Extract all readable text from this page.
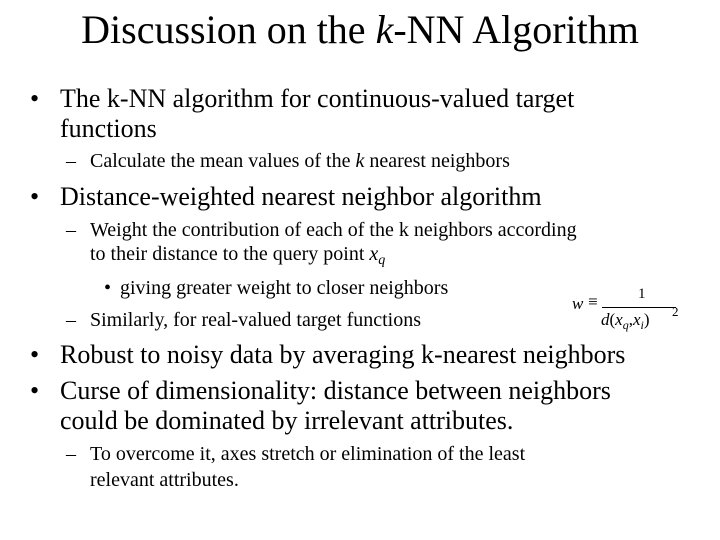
Discussion on the k-NN Algorithm
• The k-NN algorithm for continuous-valued target
functions
– Calculate the mean values of the k nearest neighbors
• Distance-weighted nearest neighbor algorithm
– Weight the contribution of each of the k neighbors according
to their distance to the query point $x_q$
• giving greater weight to closer neighbors
– Similarly, for real-valued target functions
w ≡	1
$d(x_q,x_i)$ 2
• Robust to noisy data by averaging k-nearest neighbors
• Curse of dimensionality: distance between neighbors
could be dominated by irrelevant attributes.
– To overcome it, axes stretch or elimination of the least
relevant attributes.
